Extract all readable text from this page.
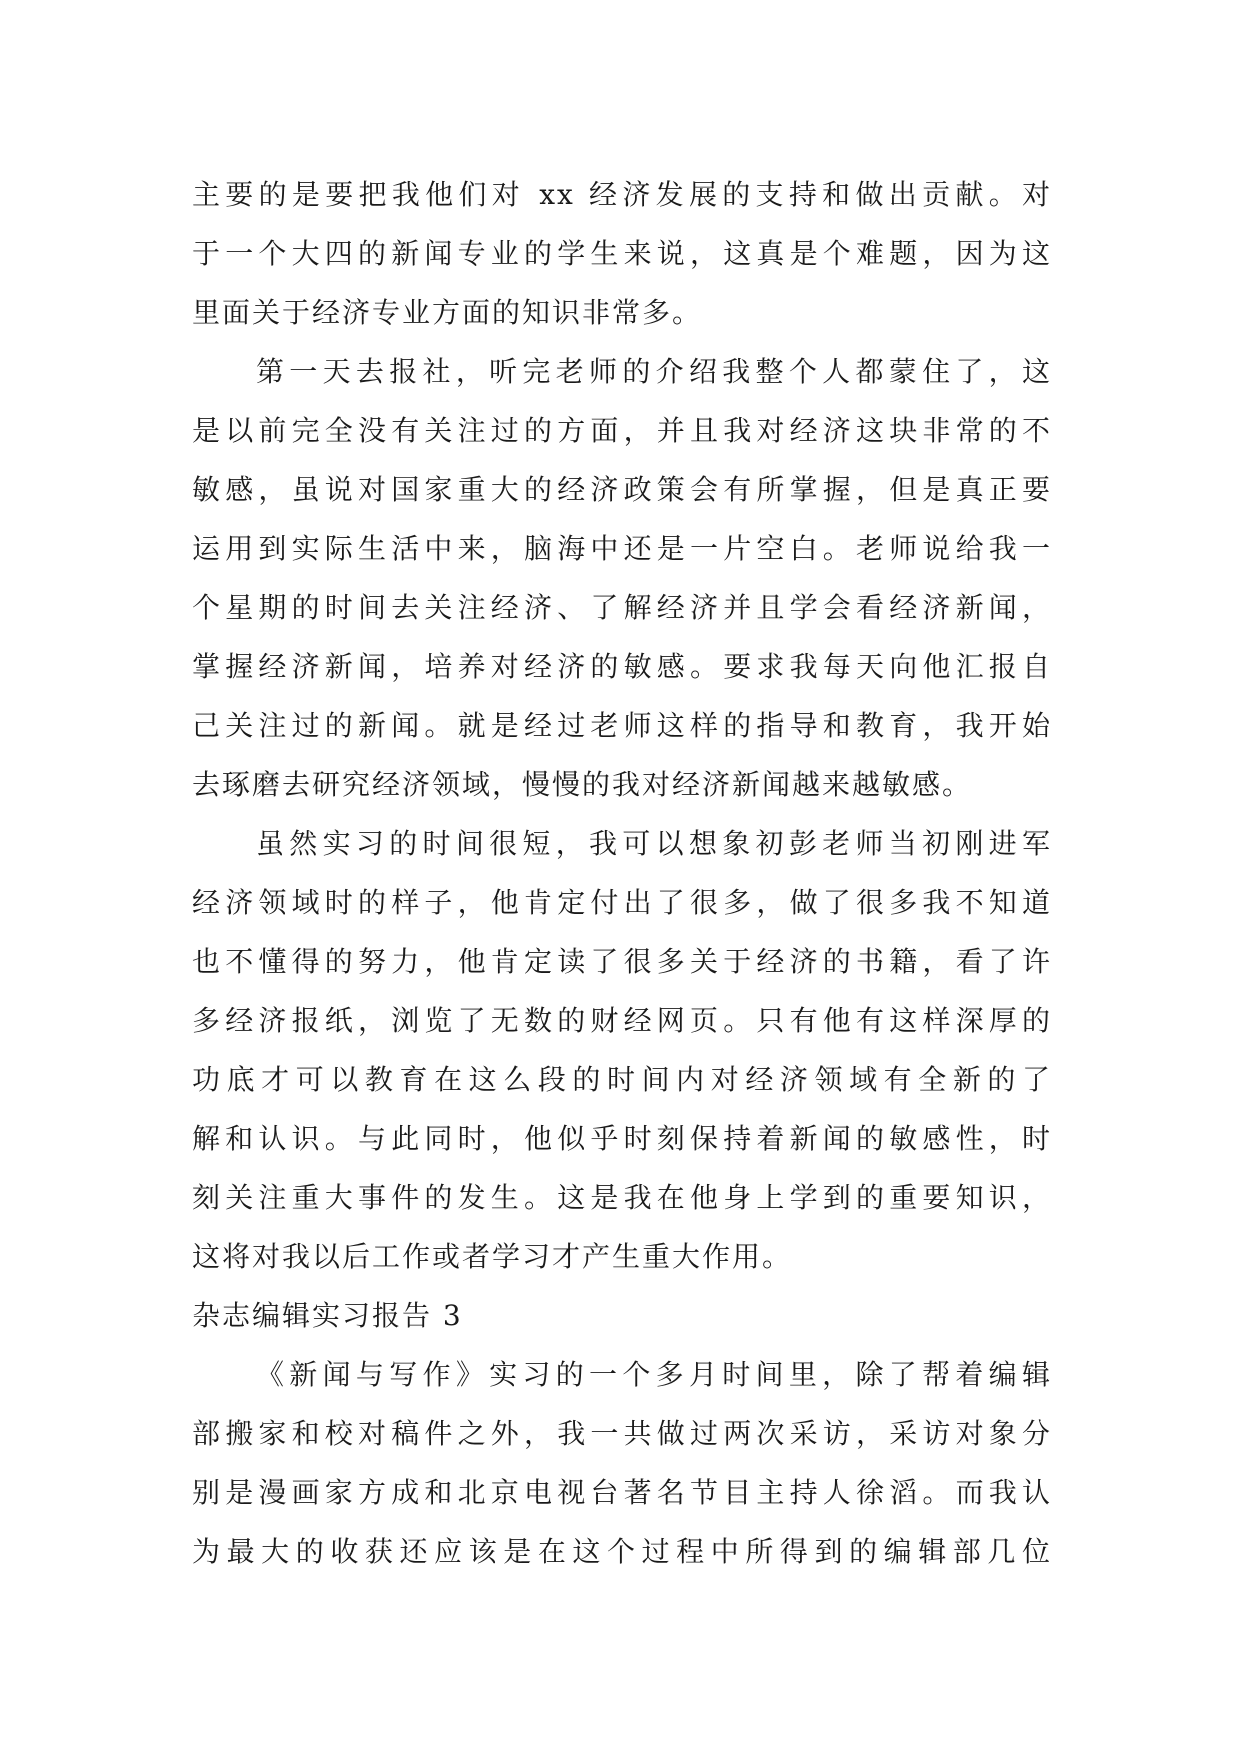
主要的是要把我他们对 xx 经济发展的支持和做出贡献。对
于一个大四的新闻专业的学生来说，这真是个难题，因为这
里面关于经济专业方面的知识非常多。
第一天去报社，听完老师的介绍我整个人都蒙住了，这
是以前完全没有关注过的方面，并且我对经济这块非常的不
敏感，虽说对国家重大的经济政策会有所掌握，但是真正要
运用到实际生活中来，脑海中还是一片空白。老师说给我一
个星期的时间去关注经济、了解经济并且学会看经济新闻，
掌握经济新闻，培养对经济的敏感。要求我每天向他汇报自
己关注过的新闻。就是经过老师这样的指导和教育，我开始
去琢磨去研究经济领域，慢慢的我对经济新闻越来越敏感。
虽然实习的时间很短，我可以想象初彭老师当初刚进军
经济领域时的样子，他肯定付出了很多，做了很多我不知道
也不懂得的努力，他肯定读了很多关于经济的书籍，看了许
多经济报纸，浏览了无数的财经网页。只有他有这样深厚的
功底才可以教育在这么段的时间内对经济领域有全新的了
解和认识。与此同时，他似乎时刻保持着新闻的敏感性，时
刻关注重大事件的发生。这是我在他身上学到的重要知识，
这将对我以后工作或者学习才产生重大作用。
杂志编辑实习报告 3
《新闻与写作》实习的一个多月时间里，除了帮着编辑
部搬家和校对稿件之外，我一共做过两次采访，采访对象分
别是漫画家方成和北京电视台著名节目主持人徐滔。而我认
为最大的收获还应该是在这个过程中所得到的编辑部几位
